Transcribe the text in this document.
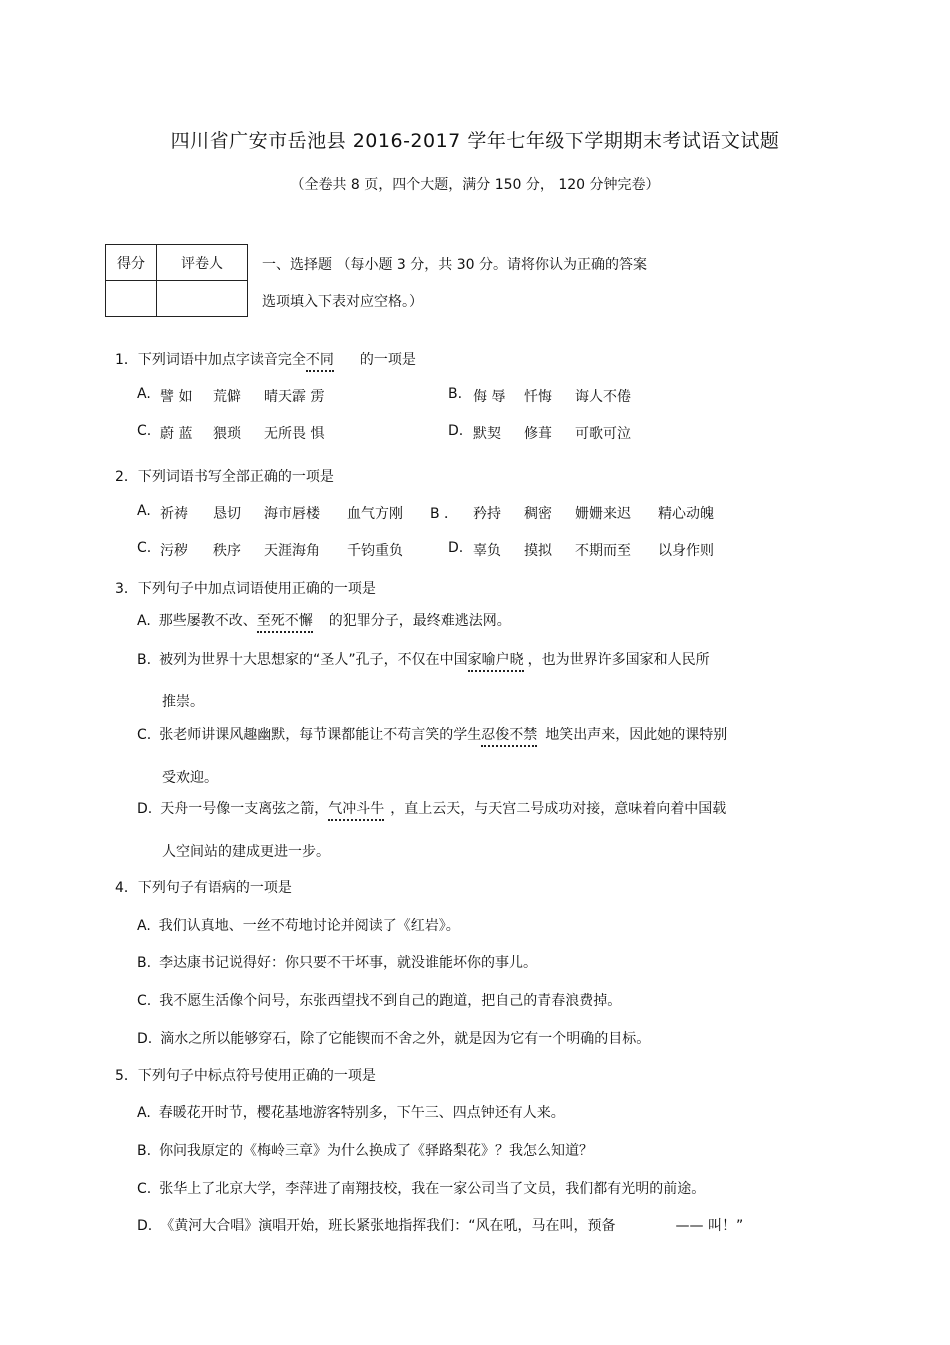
四川省广安市岳池县 2016-2017 学年七年级下学期期末考试语文试题
（全卷共 8 页，四个大题，满分 150 分， 120 分钟完卷）
得分	评卷人
		一、选择题 （每小题 3 分，共 30 分。请将你认为正确的答案
选项填入下表对应空格。）
1．下列词语中加点字读音完全不同 的一项是
A. 譬 如 荒僻 晴天霹 雳	B. 侮 辱 忏悔 诲人不倦
C. 蔚 蓝 猥琐 无所畏 惧	D. 默契 修葺 可歌可泣
2．下列词语书写全部正确的一项是
A. 祈祷 恳切 海市唇楼 血气方刚 B ． 矜持 稠密 姗姗来迟 精心动魄
C. 污秽 秩序 天涯海角 千钧重负	D. 辜负 摸拟 不期而至 以身作则
3．下列句子中加点词语使用正确的一项是
A. 那些屡教不改、至死不懈 的犯罪分子，最终难逃法网。
B. 被列为世界十大思想家的“圣人”孔子，不仅在中国家喻户晓 ，也为世界许多国家和人民所
推崇。
C. 张老师讲课风趣幽默，每节课都能让不苟言笑的学生忍俊不禁 地笑出声来，因此她的课特别
受欢迎。
D. 天舟一号像一支离弦之箭，气冲斗牛 ，直上云天，与天宫二号成功对接，意味着向着中国载
人空间站的建成更进一步。
4．下列句子有语病的一项是
A. 我们认真地、一丝不苟地讨论并阅读了《红岩》。
B. 李达康书记说得好：你只要不干坏事，就没谁能坏你的事儿。
C. 我不愿生活像个问号，东张西望找不到自己的跑道，把自己的青春浪费掉。
D. 滴水之所以能够穿石，除了它能锲而不舍之外，就是因为它有一个明确的目标。
5．下列句子中标点符号使用正确的一项是
A. 春暖花开时节，樱花基地游客特别多，下午三、四点钟还有人来。
B. 你问我原定的《梅岭三章》为什么换成了《驿路梨花》？我怎么知道？
C. 张华上了北京大学，李萍进了南翔技校，我在一家公司当了文员，我们都有光明的前途。
D. 《黄河大合唱》演唱开始，班长紧张地指挥我们：“风在吼，马在叫，预备	—— 叫！”
